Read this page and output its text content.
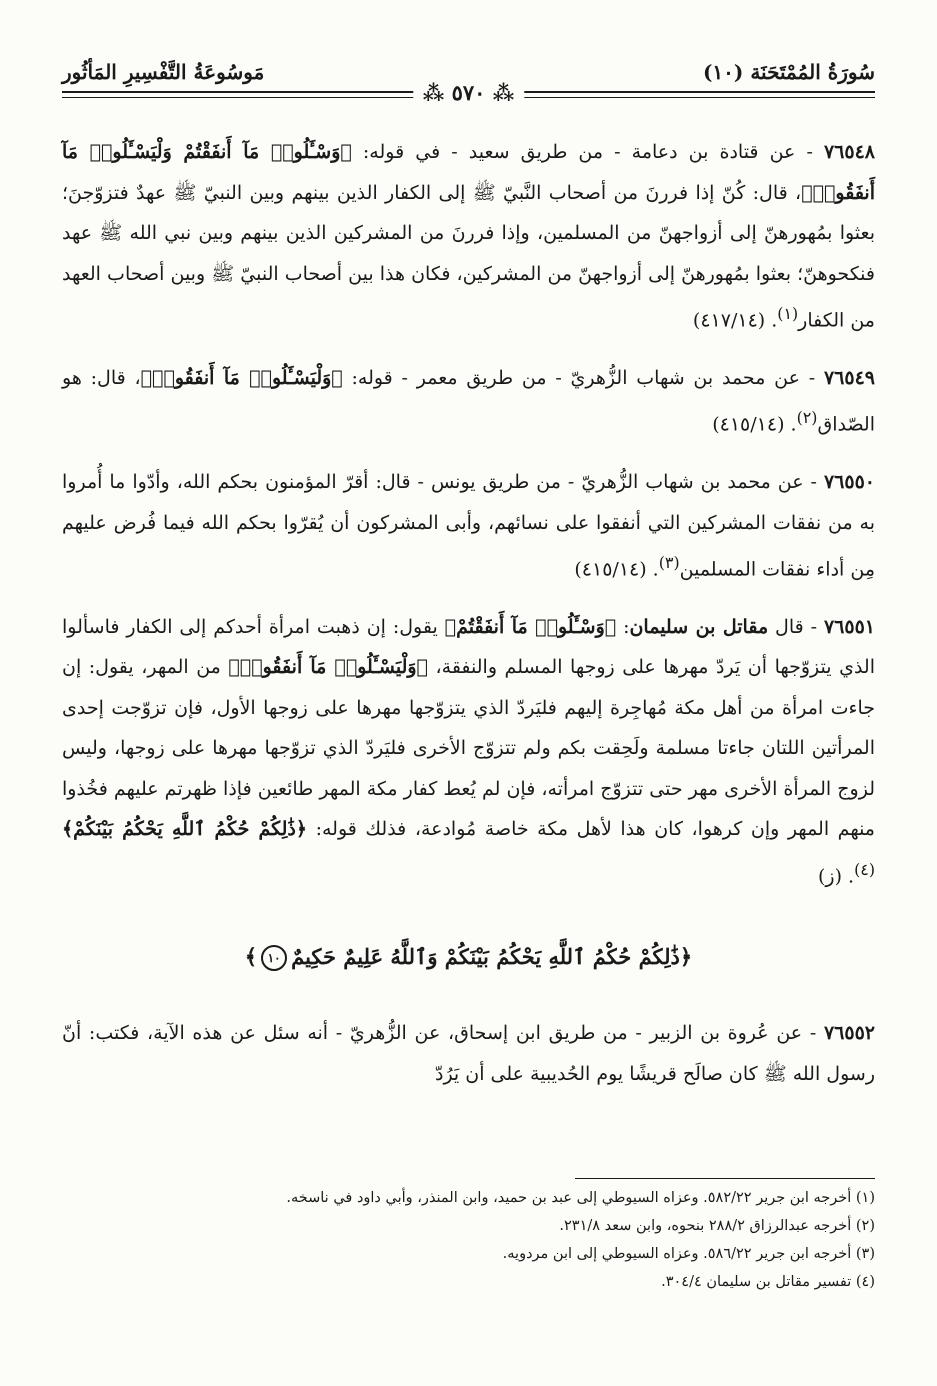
سُورَةُ المُمْتَحَنَة (١٠)
مَوسُوعَةُ التَّفْسِيرِ المَأثُور
⁂ ٥٧٠ ⁂

٧٦٥٤٨ - عن قتادة بن دعامة - من طريق سعيد - في قوله: ﴿وَسْـَٔلُوا۟ مَآ أَنفَقْتُمْ وَلْيَسْـَٔلُوا۟ مَآ أَنفَقُوا۟﴾، قال: كُنّ إذا فررنَ من أصحاب النَّبيّ ﷺ إلى الكفار الذين بينهم وبين النبيّ ﷺ عهدٌ فتزوّجنَ؛ بعثوا بمُهورهنّ إلى أزواجهنّ من المسلمين، وإذا فررنَ من المشركين الذين بينهم وبين نبي الله ﷺ عهد فنكحوهنّ؛ بعثوا بمُهورهنّ إلى أزواجهنّ من المشركين، فكان هذا بين أصحاب النبيّ ﷺ وبين أصحاب العهد من الكفار$^{(١)}$. (٤١٧/١٤)

٧٦٥٤٩ - عن محمد بن شهاب الزُّهريّ - من طريق معمر - قوله: ﴿وَلْيَسْـَٔلُوا۟ مَآ أَنفَقُوا۟﴾، قال: هو الصّداق$^{(٢)}$. (٤١٥/١٤)

٧٦٥٥٠ - عن محمد بن شهاب الزُّهريّ - من طريق يونس - قال: أقرّ المؤمنون بحكم الله، وأدّوا ما أُمروا به من نفقات المشركين التي أنفقوا على نسائهم، وأبى المشركون أن يُقرّوا بحكم الله فيما فُرض عليهم مِن أداء نفقات المسلمين$^{(٣)}$. (٤١٥/١٤)

٧٦٥٥١ - قال مقاتل بن سليمان: ﴿وَسْـَٔلُوا۟ مَآ أَنفَقْتُمْ﴾ يقول: إن ذهبت امرأة أحدكم إلى الكفار فاسألوا الذي يتزوّجها أن يَردّ مهرها على زوجها المسلم والنفقة، ﴿وَلْيَسْـَٔلُوا۟ مَآ أَنفَقُوا۟﴾ من المهر، يقول: إن جاءت امرأة من أهل مكة مُهاجِرة إليهم فليَردّ الذي يتزوّجها مهرها على زوجها الأول، فإن تزوّجت إحدى المرأتين اللتان جاءتا مسلمة ولَحِقت بكم ولم تتزوّج الأخرى فليَردّ الذي تزوّجها مهرها على زوجها، وليس لزوج المرأة الأخرى مهر حتى تتزوّج امرأته، فإن لم يُعط كفار مكة المهر طائعين فإذا ظهرتم عليهم فخُذوا منهم المهر وإن كرهوا، كان هذا لأهل مكة خاصة مُوادعة، فذلك قوله: ﴿ذَٰلِكُمْ حُكْمُ ٱللَّهِ يَحْكُمُ بَيْنَكُمْ﴾$^{(٤)}$. (ز)

﴿ذَٰلِكُمْ حُكْمُ ٱللَّهِ يَحْكُمُ بَيْنَكُمْ وَٱللَّهُ عَلِيمٌ حَكِيمٌ١٠﴾

٧٦٥٥٢ - عن عُروة بن الزبير - من طريق ابن إسحاق، عن الزُّهريّ - أنه سئل عن هذه الآية، فكتب: أنّ رسول الله ﷺ كان صالَح قريشًا يوم الحُديبية على أن يَرُدّ

(١) أخرجه ابن جرير ٥٨٢/٢٢. وعزاه السيوطي إلى عبد بن حميد، وابن المنذر، وأبي داود في ناسخه.
(٢) أخرجه عبدالرزاق ٢٨٨/٢ بنحوه، وابن سعد ٢٣١/٨.
(٣) أخرجه ابن جرير ٥٨٦/٢٢. وعزاه السيوطي إلى ابن مردويه.
(٤) تفسير مقاتل بن سليمان ٣٠٤/٤.
